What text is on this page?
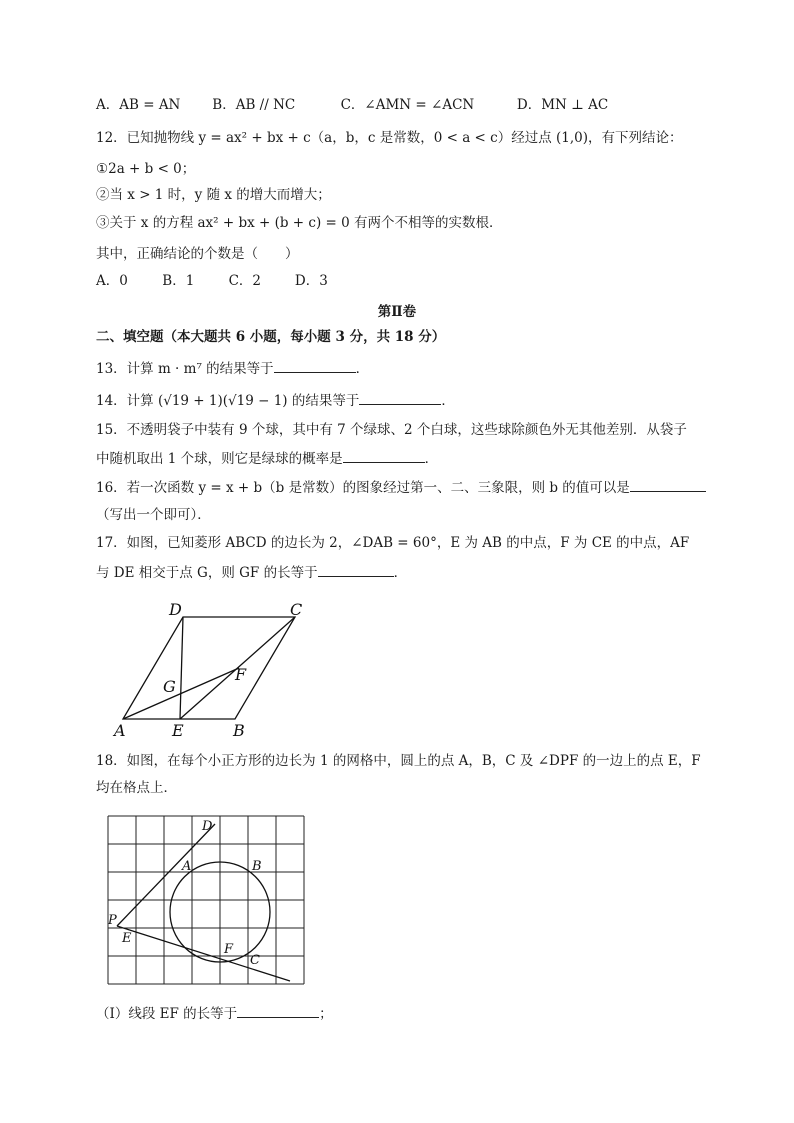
A．AB = AN B．AB // NC	C．∠AMN = ∠ACN	D．MN ⊥ AC
12．已知抛物线 y = ax² + bx + c（a，b，c 是常数，0 < a < c）经过点 (1,0)，有下列结论：
①2a + b < 0；
②当 x > 1 时，y 随 x 的增大而增大；
③关于 x 的方程 ax² + bx + (b + c) = 0 有两个不相等的实数根．
其中，正确结论的个数是（　　）
A．0	B．1	C．2	D．3
第Ⅱ卷
二、填空题（本大题共 6 小题，每小题 3 分，共 18 分）
13．计算 m · m⁷ 的结果等于	．
14．计算 (√19 + 1)(√19 − 1) 的结果等于	．
15．不透明袋子中装有 9 个球，其中有 7 个绿球、2 个白球，这些球除颜色外无其他差别．从袋子
中随机取出 1 个球，则它是绿球的概率是	．
16．若一次函数 y = x + b（b 是常数）的图象经过第一、二、三象限，则 b 的值可以是
（写出一个即可）．
17．如图，已知菱形 ABCD 的边长为 2，∠DAB = 60°，E 为 AB 的中点，F 为 CE 的中点，AF
与 DE 相交于点 G，则 GF 的长等于	．
D	C
G
F
A	E	B
18．如图，在每个小正方形的边长为 1 的网格中，圆上的点 A，B，C 及 ∠DPF 的一边上的点 E，F
均在格点上．
D
A	B
P
E
F
C
（Ⅰ）线段 EF 的长等于	；
